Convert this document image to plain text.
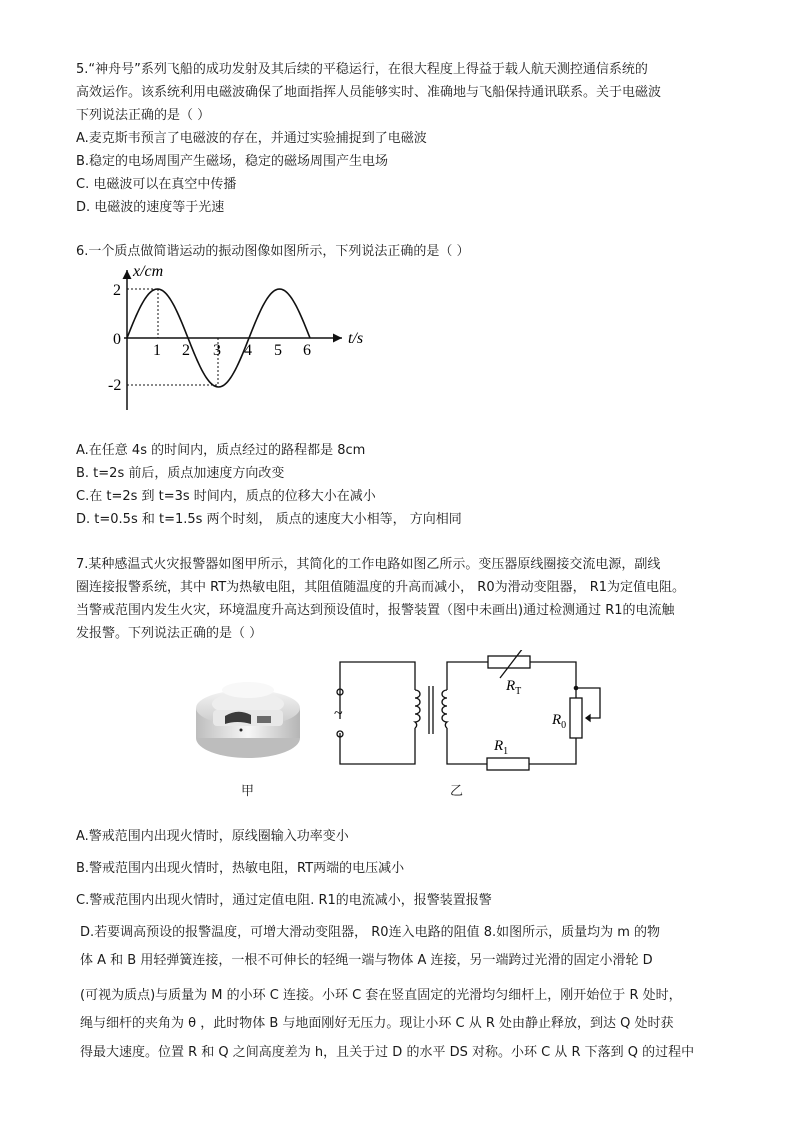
5.“神舟号”系列飞船的成功发射及其后续的平稳运行，在很大程度上得益于载人航天测控通信系统的
高效运作。该系统利用电磁波确保了地面指挥人员能够实时、准确地与飞船保持通讯联系。关于电磁波
下列说法正确的是（ ）
A.麦克斯韦预言了电磁波的存在，并通过实验捕捉到了电磁波
B.稳定的电场周围产生磁场，稳定的磁场周围产生电场
C. 电磁波可以在真空中传播
D. 电磁波的速度等于光速
6.一个质点做简谐运动的振动图像如图所示，下列说法正确的是（ ）
x/cm
t/s
0
2
-2
1 2 3 4 5 6
A.在任意 4s 的时间内，质点经过的路程都是 8cm
B. t=2s 前后，质点加速度方向改变
C.在 t=2s 到 t=3s 时间内，质点的位移大小在减小
D. t=0.5s 和 t=1.5s 两个时刻， 质点的速度大小相等， 方向相同
7.某种感温式火灾报警器如图甲所示，其简化的工作电路如图乙所示。变压器原线圈接交流电源，副线
圈连接报警系统，其中 RT为热敏电阻，其阻值随温度的升高而减小， R0为滑动变阻器， R1为定值电阻。
当警戒范围内发生火灾，环境温度升高达到预设值时，报警装置（图中未画出)通过检测通过 R1的电流触
发报警。下列说法正确的是（ ）
甲
~
$R_T$
$R_0$
$R_1$
乙
A.警戒范围内出现火情时，原线圈输入功率变小
B.警戒范围内出现火情时，热敏电阻，RT两端的电压减小
C.警戒范围内出现火情时，通过定值电阻. R1的电流减小，报警装置报警
D.若要调高预设的报警温度，可增大滑动变阻器， R0连入电路的阻值 8.如图所示，质量均为 m 的物
体 A 和 B 用轻弹簧连接，一根不可伸长的轻绳一端与物体 A 连接，另一端跨过光滑的固定小滑轮 D
(可视为质点)与质量为 M 的小环 C 连接。小环 C 套在竖直固定的光滑均匀细杆上，刚开始位于 R 处时，
绳与细杆的夹角为 θ ，此时物体 B 与地面刚好无压力。现让小环 C 从 R 处由静止释放，到达 Q 处时获
得最大速度。位置 R 和 Q 之间高度差为 h，且关于过 D 的水平 DS 对称。小环 C 从 R 下落到 Q 的过程中
